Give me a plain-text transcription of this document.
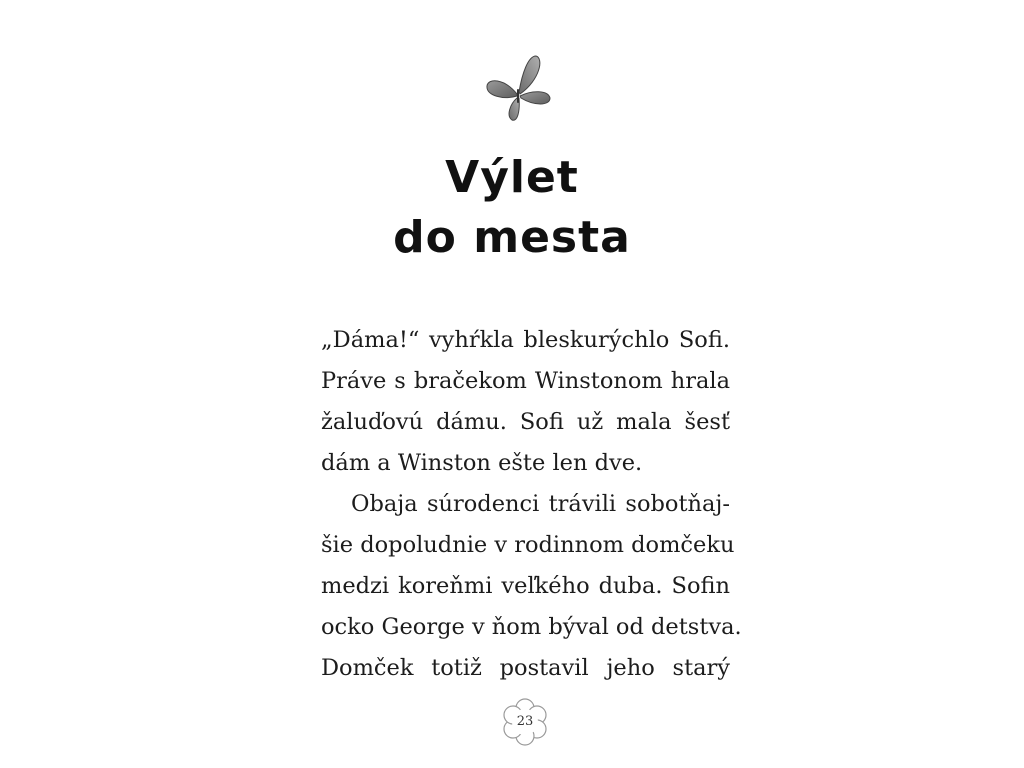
Výlet
do mesta
„Dáma!“ vyhŕkla bleskurýchlo Sofi.
Práve s bračekom Winstonom hrala
žaluďovú dámu. Sofi už mala šesť
dám a Winston ešte len dve.
Obaja súrodenci trávili sobotňaj-
šie dopoludnie v rodinnom domčeku
medzi koreňmi veľkého duba. Sofin
ocko George v ňom býval od detstva.
Domček totiž postavil jeho starý
23
